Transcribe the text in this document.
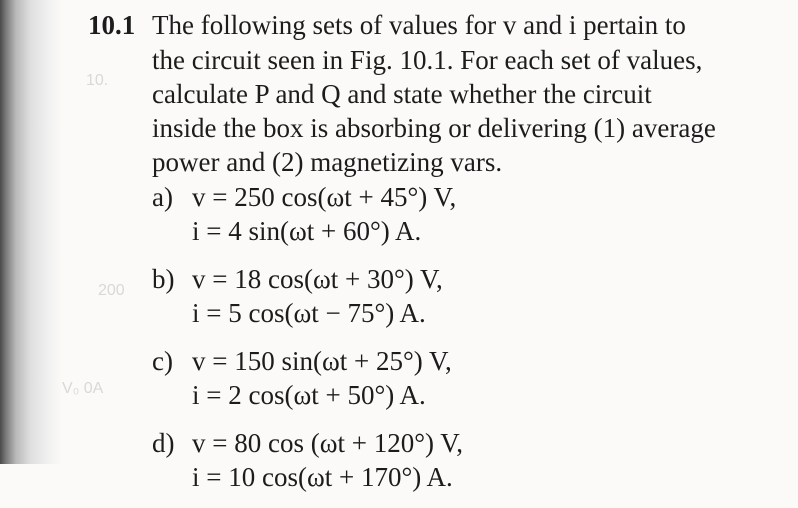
10.
200
V₀ 0A
10.1 The following sets of values for v and i pertain to
the circuit seen in Fig. 10.1. For each set of values,
calculate P and Q and state whether the circuit
inside the box is absorbing or delivering (1) average
power and (2) magnetizing vars.
a) v = 250 cos(ωt + 45°) V,
i = 4 sin(ωt + 60°) A.
b) v = 18 cos(ωt + 30°) V,
i = 5 cos(ωt − 75°) A.
c) v = 150 sin(ωt + 25°) V,
i = 2 cos(ωt + 50°) A.
d) v = 80 cos (ωt + 120°) V,
i = 10 cos(ωt + 170°) A.
